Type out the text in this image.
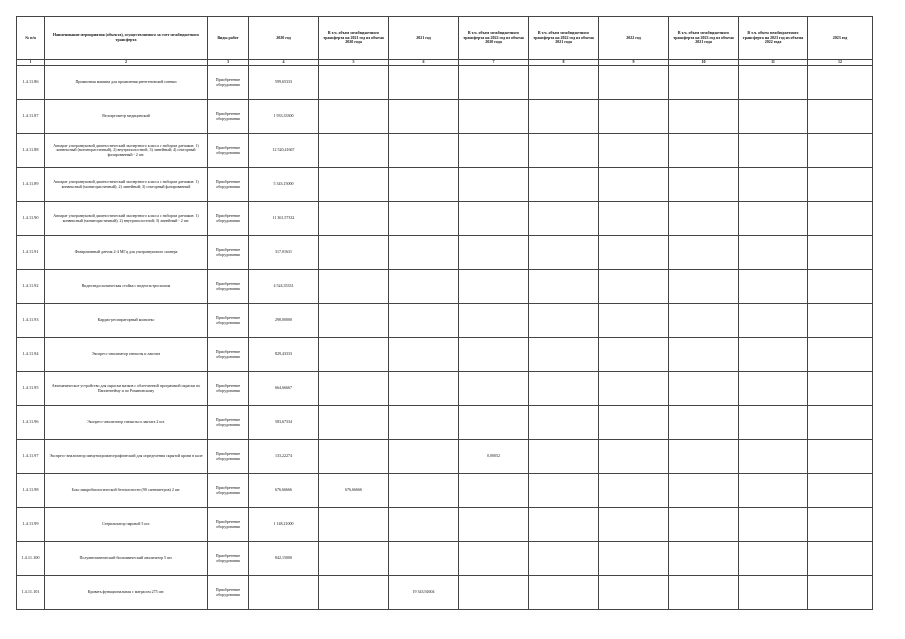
№ п/п	Наименование мероприятия (объекта), осуществляемого за счет межбюджетного трансферта	Виды работ	2020 год	В т.ч. объем межбюджетного трансферта на 2021 год из объема 2020 года	2021 год	В т.ч. объем межбюджетного трансферта на 2022 год из объема 2020 года	В т.ч. объем межбюджетного трансферта на 2022 год из объема 2021 года	2022 год	В т.ч. объем межбюджетного трансферта на 2023 год из объема 2021 года	В т.ч. объем межбюджетного трансферта на 2023 год из объема 2022 года	2023 год
1	2	3	4	5	6	7	8	9	10	11	12
1.4.11.86	Проявочная машина для проявления рентгеновской пленки	Приобретение оборудования	599,65333								
1.4.11.87	Велоэргометр медицинский	Приобретение оборудования	1 933,33300								
1.4.11.88	Аппарат ультразвуковой диагностический экспертного класса с набором датчиков: 1) конвексный (мониторастичный), 2) внутриполостной, 3) линейный; 4) секторный фазированный - 2 шт.	Приобретение оборудования	12 520,41667								
1.4.11.89	Аппарат ультразвуковой диагностический экспертного класса с набором датчиков: 1) конвексный (мониторастичный); 2) линейный; 3) секторный фазированный	Приобретение оборудования	5 343,15000								
1.4.11.90	Аппарат ультразвуковой диагностический экспертного класса с набором датчиков: 1) конвексный (мониторастичный); 2) внутриполостной; 3) линейный - 2 шт.	Приобретение оборудования	11 361,57332								
1.4.11.91	Фазированный датчик 2-4 МГц для ультразвукового сканера	Приобретение оборудования	317,01631								
1.4.11.92	Видеоэндоскопическая стойка с видеогастроскопом	Приобретение оборудования	4 524,35331								
1.4.11.93	Кардио-респираторный комплекс	Приобретение оборудования	298,00000								
1.4.11.94	Экспресс-анализатор глюкозы и лактата	Приобретение оборудования	829,43333								
1.4.11.95	Автоматическое устройство для окраски мазков с облегченной программой окраски по Паппенгейму и по Романовскому	Приобретение оборудования	664,66667								
1.4.11.96	Экспресс-анализатор глюкозы и лактата 2 шт.	Приобретение оборудования	583,67334								
1.4.11.97	Экспресс-анализатор иммунохроматографический для определения скрытой крови в кале	Приобретение оборудования	133,22274			0,00052					
1.4.11.98	Бокс микробиологической безопасности (90 сантиметров) 2 шт.	Приобретение оборудования	676,66666	676,66666							
1.4.11.99	Стерилизатор паровой 5 шт.	Приобретение оборудования	1 148,21000								
1.4.11.100	Полуавтоматический биохимический анализатор 5 шт.	Приобретение оборудования	842,15000								
1.4.11.101	Кровать функциональная с матрасом 275 шт.	Приобретение оборудования			19 343,92604						
